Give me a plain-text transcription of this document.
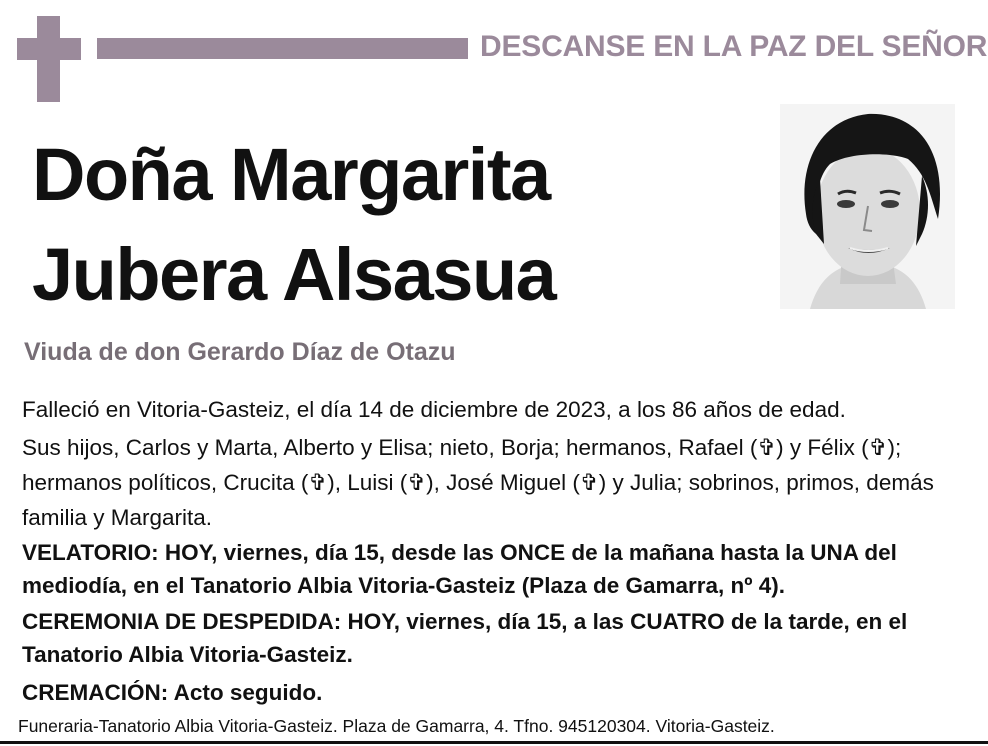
DESCANSE EN LA PAZ DEL SEÑOR
Doña Margarita
Jubera Alsasua
Viuda de don Gerardo Díaz de Otazu
Falleció en Vitoria-Gasteiz, el día 14 de diciembre de 2023, a los 86 años de edad.
Sus hijos, Carlos y Marta, Alberto y Elisa; nieto, Borja; hermanos, Rafael (✞) y Félix (✞); hermanos políticos, Crucita (✞), Luisi (✞), José Miguel (✞) y Julia; sobrinos, primos, demás familia y Margarita.
VELATORIO: HOY, viernes, día 15, desde las ONCE de la mañana hasta la UNA del mediodía, en el Tanatorio Albia Vitoria-Gasteiz (Plaza de Gamarra, nº 4).
CEREMONIA DE DESPEDIDA: HOY, viernes, día 15, a las CUATRO de la tarde, en el Tanatorio Albia Vitoria-Gasteiz.
CREMACIÓN: Acto seguido.
Funeraria-Tanatorio Albia Vitoria-Gasteiz. Plaza de Gamarra, 4. Tfno. 945120304. Vitoria-Gasteiz.
